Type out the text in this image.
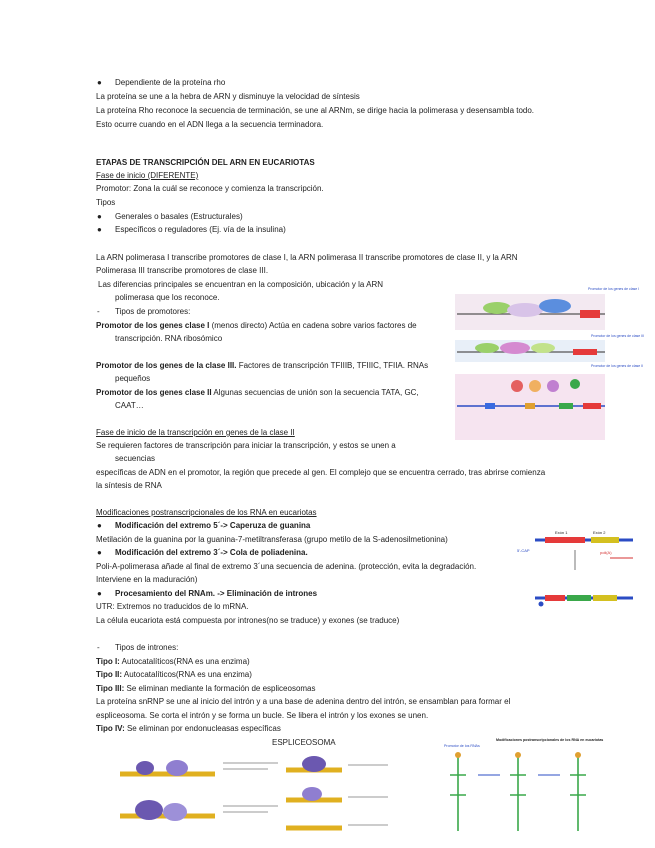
● Dependiente de la proteína rho
La proteína se une a la hebra de ARN y disminuye la velocidad de síntesis
La proteína Rho reconoce la secuencia de terminación, se une al ARNm, se dirige hacia la polimerasa y desensambla todo.
Esto ocurre cuando en el ADN llega a la secuencia terminadora.
ETAPAS DE TRANSCRIPCIÓN DEL ARN EN EUCARIOTAS
Fase de inicio (DIFERENTE)
Promotor: Zona la cuál se reconoce y comienza la transcripción.
Tipos
● Generales o basales (Estructurales)
● Específicos o reguladores (Ej. vía de la insulina)
La ARN polimerasa I transcribe promotores de clase I, la ARN polimerasa II transcribe promotores de clase II, y la ARN
Polimerasa III transcribe promotores de clase III.
Las diferencias principales se encuentran en la composición, ubicación y la ARN
polimerasa que los reconoce.
- Tipos de promotores:
Promotor de los genes clase I (menos directo) Actúa en cadena sobre varios factores de
transcripción. RNA ribosómico
Promotor de los genes de la clase III. Factores de transcripción TFIIIB, TFIIIC, TFIIA. RNAs
pequeños
Promotor de los genes clase II Algunas secuencias de unión son la secuencia TATA, GC,
CAAT…
Fase de inicio de la transcripción en genes de la clase II
Se requieren factores de transcripción para iniciar la transcripción, y estos se unen a
secuencias
específicas de ADN en el promotor, la región que precede al gen. El complejo que se encuentra cerrado, tras abrirse comienza
la síntesis de RNA
Modificaciones postranscripcionales de los RNA en eucariotas
● Modificación del extremo 5´-> Caperuza de guanina
Metilación de la guanina por la guanina-7-metiltransferasa (grupo metilo de la S-adenosilmetionina)
● Modificación del extremo 3´-> Cola de poliadenina.
Poli-A-polimerasa añade al final de extremo 3´una secuencia de adenina. (protección, evita la degradación.
Interviene en la maduración)
● Procesamiento del RNAm. -> Eliminación de intrones
UTR: Extremos no traducidos de lo mRNA.
La célula eucariota está compuesta por intrones(no se traduce) y exones (se traduce)
- Tipos de intrones:
Tipo I: Autocatalíticos(RNA es una enzima)
Tipo II: Autocatalíticos(RNA es una enzima)
Tipo III: Se eliminan mediante la formación de espliceosomas
La proteína snRNP se une al inicio del intrón y a una base de adenina dentro del intrón, se ensamblan para formar el
espliceosoma. Se corta el intrón y se forma un bucle. Se libera el intrón y los exones se unen.
Tipo IV: Se eliminan por endonucleasas específicas
ESPLICEOSOMA
Promotor de los genes de clase I
Promotor de los genes de clase III
Promotor de los genes de clase II
Exón 1	Exón 2
5'-CAP	poli(A)
Modificaciones postranscripcionales de los RNA en eucariotas
Promotor de los RNAs
